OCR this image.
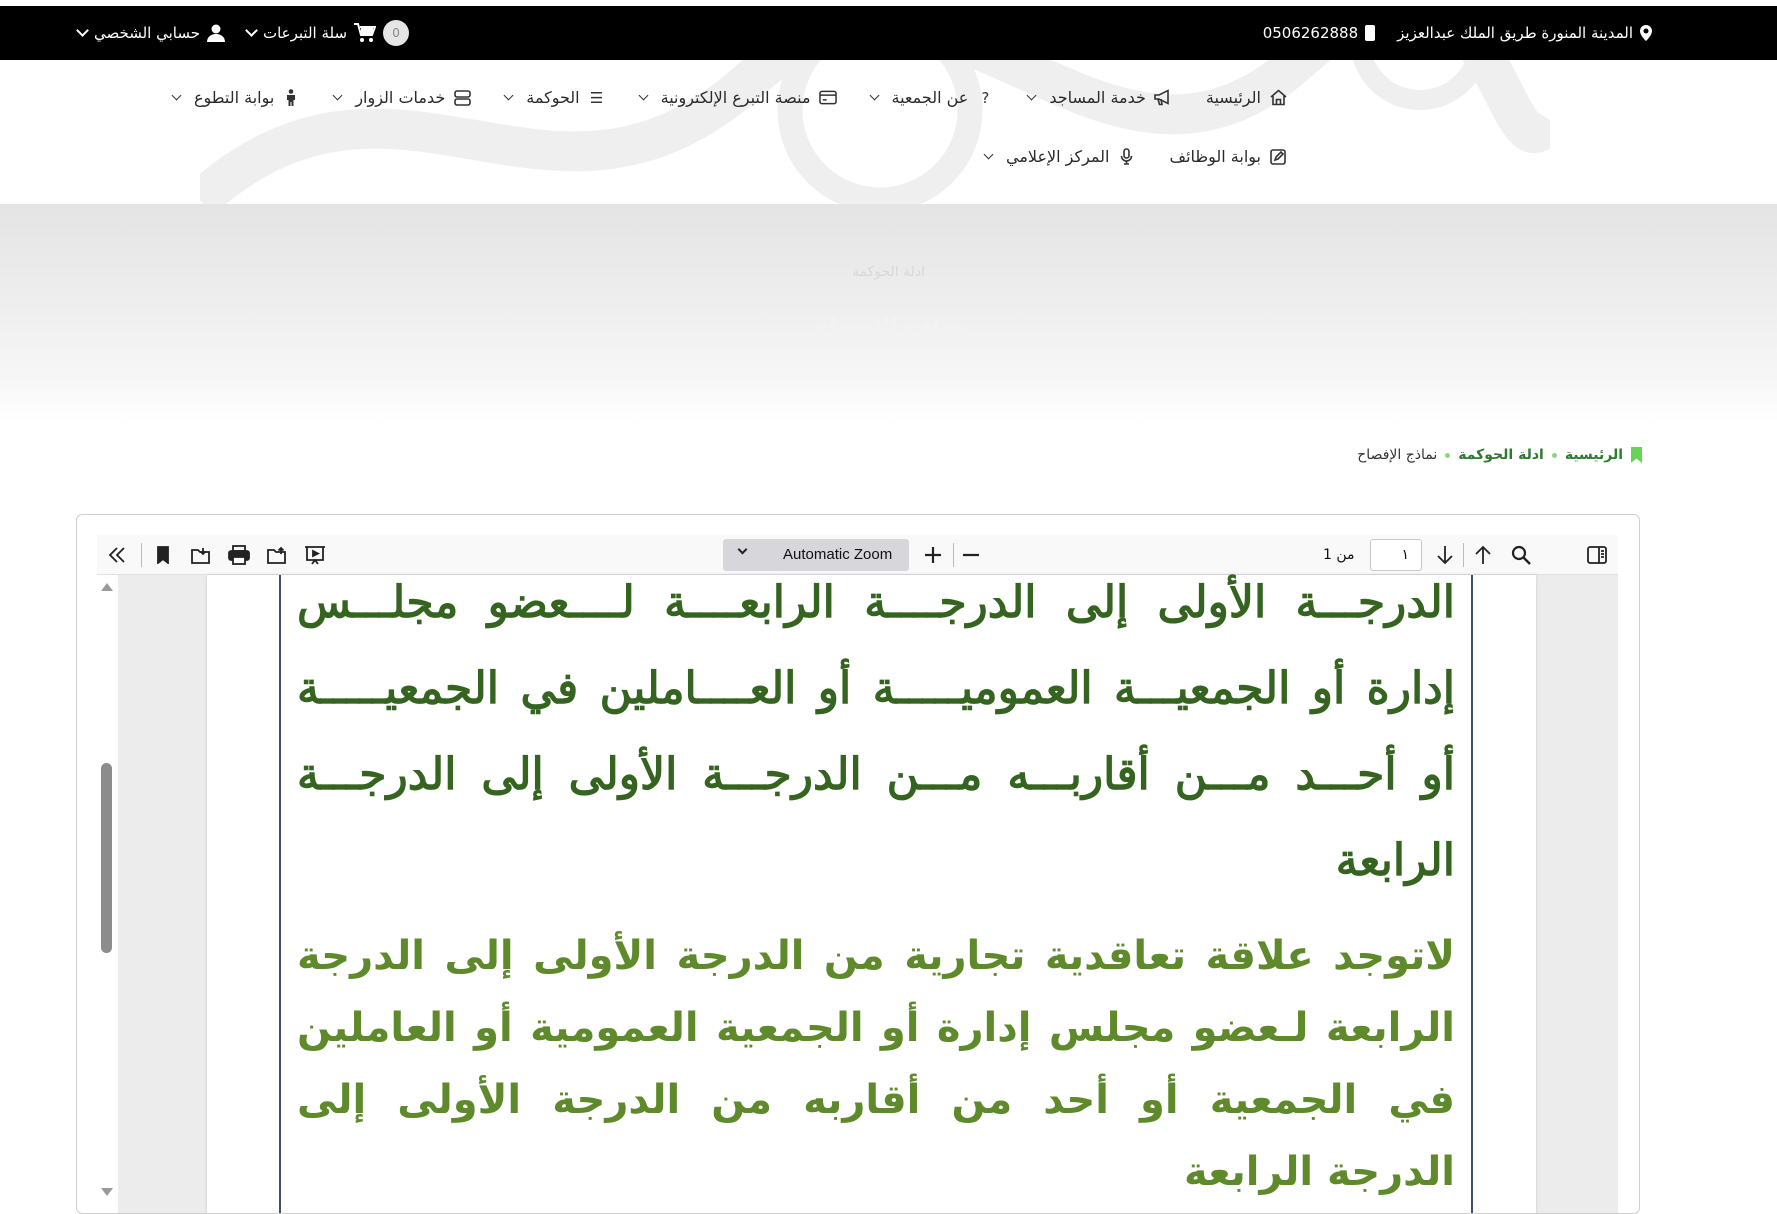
0506262888	المدينة المنورة طريق الملك عبدالعزيز
حسابي الشخصي	سلة التبرعات	0
الرئيسية
خدمة المساجد
?
عن الجمعية
منصة التبرع الإلكترونية
☰
الحوكمة
خدمات الزوار
بوابة التطوع
بوابة الوظائف
المركز الإعلامي
ادلة الحوكمة
نماذج الإفصاح
الرئيسية
ادلة الحوكمة
نماذج الإفصاح
Automatic Zoom	من 1	١
الدرجـــة الأولى إلى الدرجــــة الرابعــــة لــــعضو مجلـــس
إدارة أو الجمعيـــة العموميـــــة أو العــــاملين في الجمعيـــــة
أو أحـــد مـــن أقاربـــه مـــن الدرجـــة الأولى إلى الدرجـــة
الرابعة
لاتوجد علاقة تعاقدية تجارية من الدرجة الأولى إلى الدرجة
الرابعة لـعضو مجلس إدارة أو الجمعية العمومية أو العاملين
في الجمعية أو أحد من أقاربه من الدرجة الأولى إلى
الدرجة الرابعة
